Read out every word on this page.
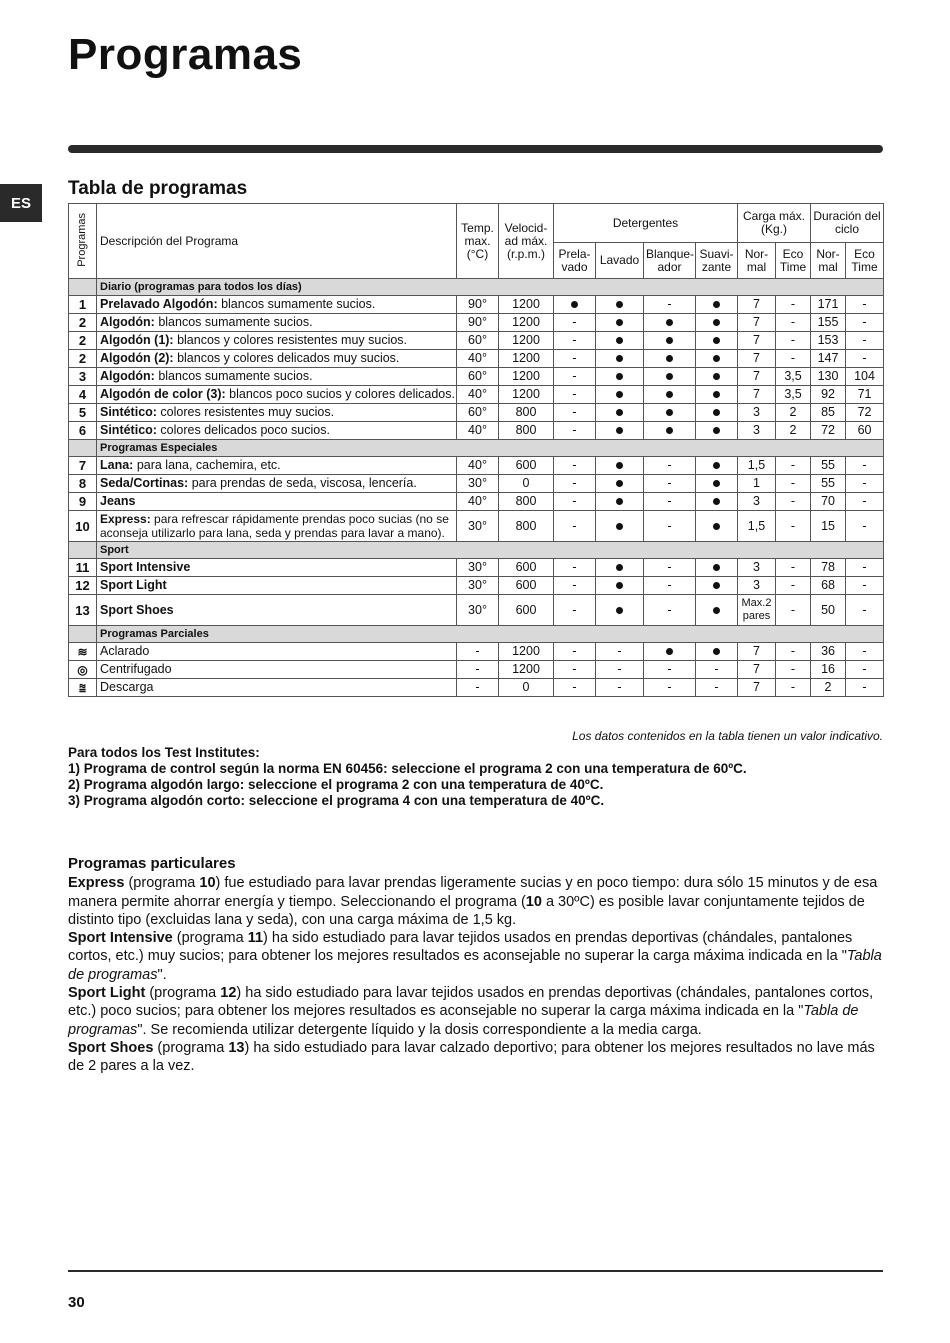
Programas
ES
Tabla de programas
Programas	Descripción del Programa	Temp. max. (°C)	Velocid-ad máx. (r.p.m.)	Detergentes				Carga máx. (Kg.)		Duración del ciclo	
				Prela-vado	Lavado	Blanque-ador	Suavi-zante	Nor-mal	Eco Time	Nor-mal	Eco Time
	Diario (programas para todos los días)										
1	Prelavado Algodón: blancos sumamente sucios.	90°	1200			-		7	-	171	-
2	Algodón: blancos sumamente sucios.	90°	1200	-				7	-	155	-
2	Algodón (1): blancos y colores resistentes muy sucios.	60°	1200	-				7	-	153	-
2	Algodón (2): blancos y colores delicados muy sucios.	40°	1200	-				7	-	147	-
3	Algodón: blancos sumamente sucios.	60°	1200	-				7	3,5	130	104
4	Algodón de color (3): blancos poco sucios y colores delicados.	40°	1200	-				7	3,5	92	71
5	Sintético: colores resistentes muy sucios.	60°	800	-				3	2	85	72
6	Sintético: colores delicados poco sucios.	40°	800	-				3	2	72	60
	Programas Especiales										
7	Lana: para lana, cachemira, etc.	40°	600	-		-		1,5	-	55	-
8	Seda/Cortinas: para prendas de seda, viscosa, lencería.	30°	0	-		-		1	-	55	-
9	Jeans	40°	800	-		-		3	-	70	-
10	Express: para refrescar rápidamente prendas poco sucias (no se aconseja utilizarlo para lana, seda y prendas para lavar a mano).	30°	800	-		-		1,5	-	15	-
	Sport										
11	Sport Intensive	30°	600	-		-		3	-	78	-
12	Sport Light	30°	600	-		-		3	-	68	-
13	Sport Shoes	30°	600	-		-		Max.2 pares	-	50	-
	Programas Parciales										
≋	Aclarado	-	1200	-	-			7	-	36	-
◎	Centrifugado	-	1200	-	-	-	-	7	-	16	-
⩰	Descarga	-	0	-	-	-	-	7	-	2	-
Los datos contenidos en la tabla tienen un valor indicativo.
Para todos los Test Institutes:
1) Programa de control según la norma EN 60456: seleccione el programa 2 con una temperatura de 60ºC.
2) Programa algodón largo: seleccione el programa 2 con una temperatura de 40ºC.
3) Programa algodón corto: seleccione el programa 4 con una temperatura de 40ºC.
Programas particulares

Express (programa 10) fue estudiado para lavar prendas ligeramente sucias y en poco tiempo: dura sólo 15 minutos y de esa manera permite ahorrar energía y tiempo. Seleccionando el programa (10 a 30ºC) es posible lavar conjuntamente tejidos de distinto tipo (excluidas lana y seda), con una carga máxima de 1,5 kg.

Sport Intensive (programa 11) ha sido estudiado para lavar tejidos usados en prendas deportivas (chándales, pantalones cortos, etc.) muy sucios; para obtener los mejores resultados es aconsejable no superar la carga máxima indicada en la "Tabla de programas".

Sport Light (programa 12) ha sido estudiado para lavar tejidos usados en prendas deportivas (chándales, pantalones cortos, etc.) poco sucios; para obtener los mejores resultados es aconsejable no superar la carga máxima indicada en la "Tabla de programas". Se recomienda utilizar detergente líquido y la dosis correspondiente a la media carga.

Sport Shoes (programa 13) ha sido estudiado para lavar calzado deportivo; para obtener los mejores resultados no lave más de 2 pares a la vez.

30
